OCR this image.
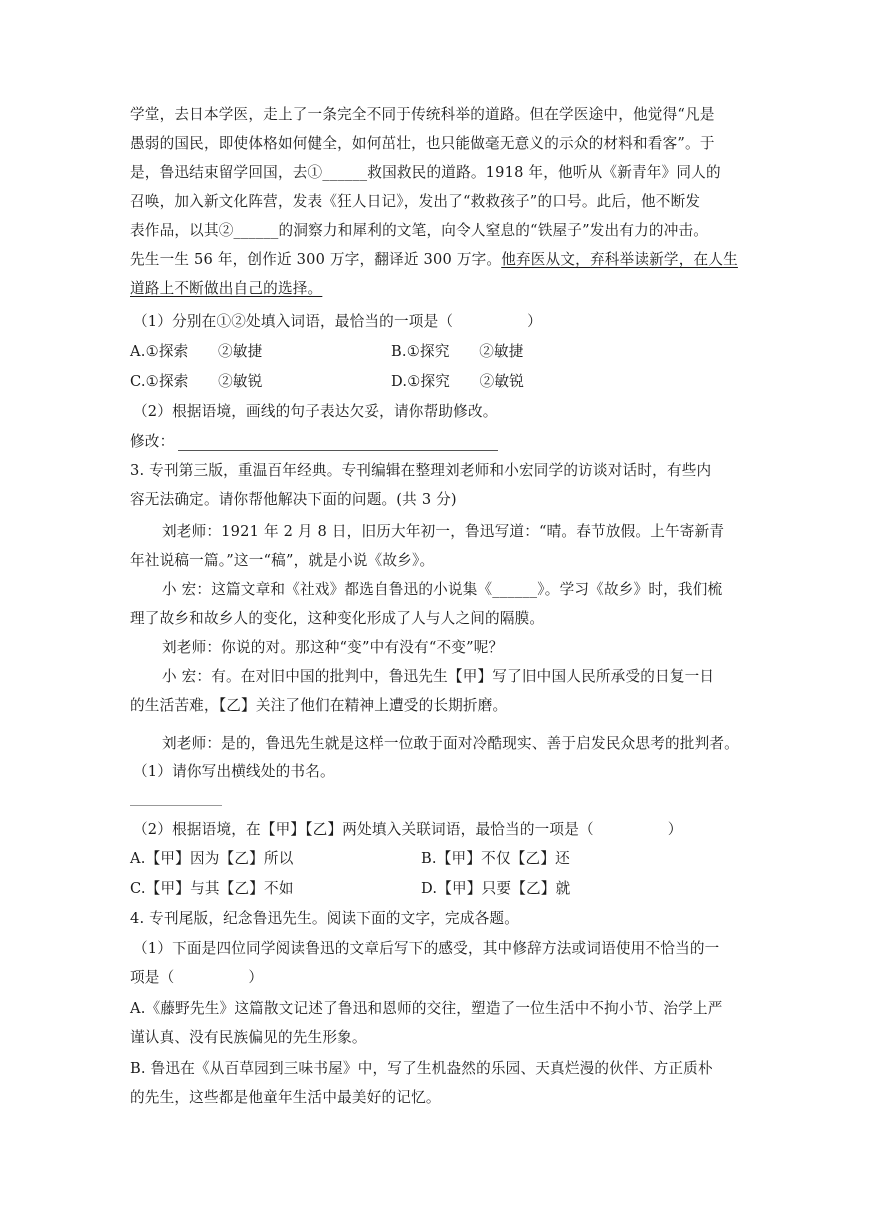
学堂，去日本学医，走上了一条完全不同于传统科举的道路。但在学医途中，他觉得“凡是
愚弱的国民，即使体格如何健全，如何茁壮，也只能做毫无意义的示众的材料和看客”。于
是，鲁迅结束留学回国，去①______救国救民的道路。1918 年，他听从《新青年》同人的
召唤，加入新文化阵营，发表《狂人日记》，发出了“救救孩子”的口号。此后，他不断发
表作品，以其②______的洞察力和犀利的文笔，向令人窒息的“铁屋子”发出有力的冲击。
先生一生 56 年，创作近 300 万字，翻译近 300 万字。他弃医从文，弃科举读新学，在人生
道路上不断做出自己的选择。
（1）分别在①②处填入词语，最恰当的一项是（　　　　　）
A.①探索　　②敏捷	B.①探究　　②敏捷
C.①探索　　②敏锐	D.①探究　　②敏锐
（2）根据语境，画线的句子表达欠妥，请你帮助修改。
修改：
3. 专刊第三版，重温百年经典。专刊编辑在整理刘老师和小宏同学的访谈对话时，有些内
容无法确定。请你帮他解决下面的问题。(共 3 分)
刘老师：1921 年 2 月 8 日，旧历大年初一，鲁迅写道：“晴。春节放假。上午寄新青
年社说稿一篇。”这一“稿”，就是小说《故乡》。
小 宏：这篇文章和《社戏》都选自鲁迅的小说集《______》。学习《故乡》时，我们梳
理了故乡和故乡人的变化，这种变化形成了人与人之间的隔膜。
刘老师：你说的对。那这种“变”中有没有“不变”呢？
小 宏：有。在对旧中国的批判中，鲁迅先生【甲】写了旧中国人民所承受的日复一日
的生活苦难，【乙】关注了他们在精神上遭受的长期折磨。
刘老师：是的，鲁迅先生就是这样一位敢于面对冷酷现实、善于启发民众思考的批判者。
（1）请你写出横线处的书名。
（2）根据语境，在【甲】【乙】两处填入关联词语，最恰当的一项是（　　　　　）
A.【甲】因为【乙】所以	B.【甲】不仅【乙】还
C.【甲】与其【乙】不如	D.【甲】只要【乙】就
4. 专刊尾版，纪念鲁迅先生。阅读下面的文字，完成各题。
（1）下面是四位同学阅读鲁迅的文章后写下的感受，其中修辞方法或词语使用不恰当的一
项是（　　　　　）
A.《藤野先生》这篇散文记述了鲁迅和恩师的交往，塑造了一位生活中不拘小节、治学上严
谨认真、没有民族偏见的先生形象。
B. 鲁迅在《从百草园到三味书屋》中，写了生机盎然的乐园、天真烂漫的伙伴、方正质朴
的先生，这些都是他童年生活中最美好的记忆。
